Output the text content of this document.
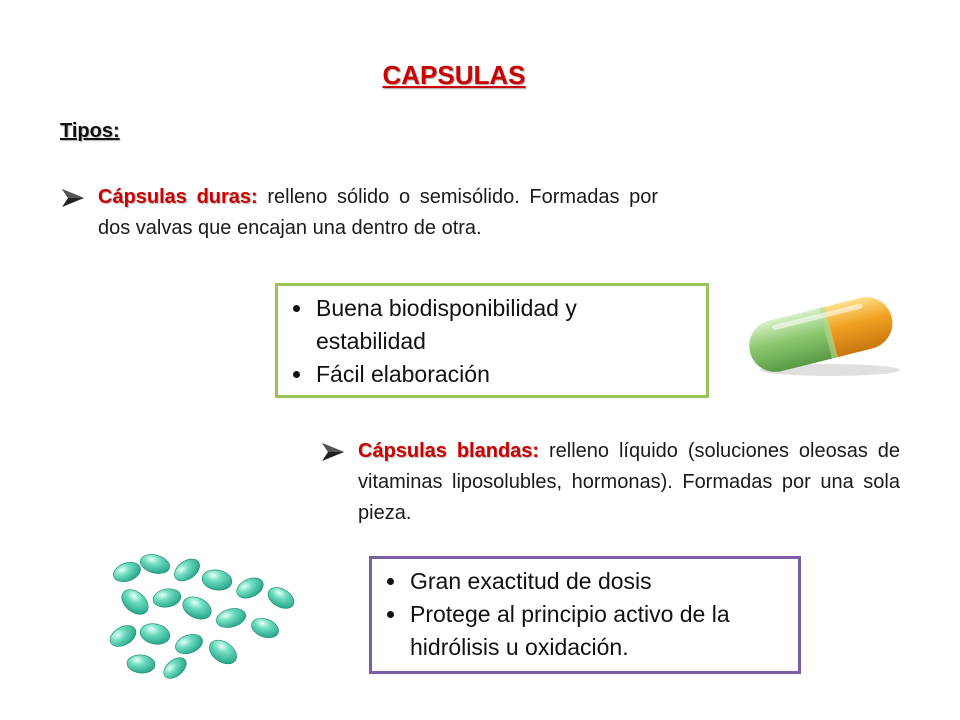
CAPSULAS
Tipos:
Cápsulas duras: relleno sólido o semisólido. Formadas por dos valvas que encajan una dentro de otra.
• Buena biodisponibilidad y estabilidad
• Fácil elaboración
Cápsulas blandas: relleno líquido (soluciones oleosas de vitaminas liposolubles, hormonas). Formadas por una sola pieza.
• Gran exactitud de dosis
• Protege al principio activo de la hidrólisis u oxidación.
